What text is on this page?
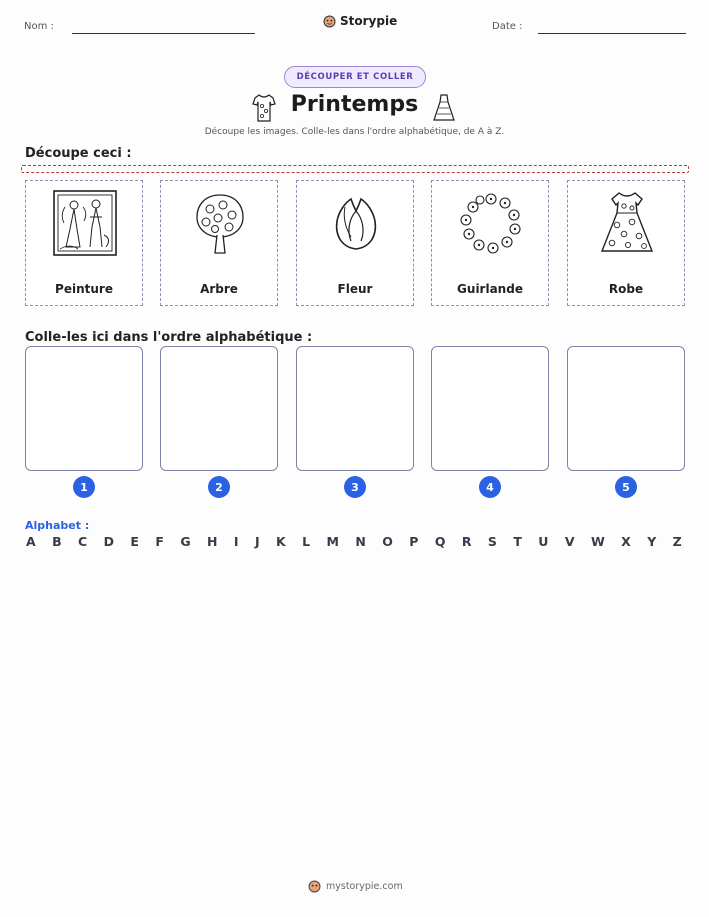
Nom :	Storypie	Date :
DÉCOUPER ET COLLER
Printemps
Découpe les images. Colle-les dans l'ordre alphabétique, de A à Z.
Découpe ceci :
Peinture	Arbre	Fleur	Guirlande	Robe
Colle-les ici dans l'ordre alphabétique :
1	2	3	4	5
Alphabet :
A B C D E F G H I J K L M N O P Q R S T U V W X Y Z
mystorypie.com
